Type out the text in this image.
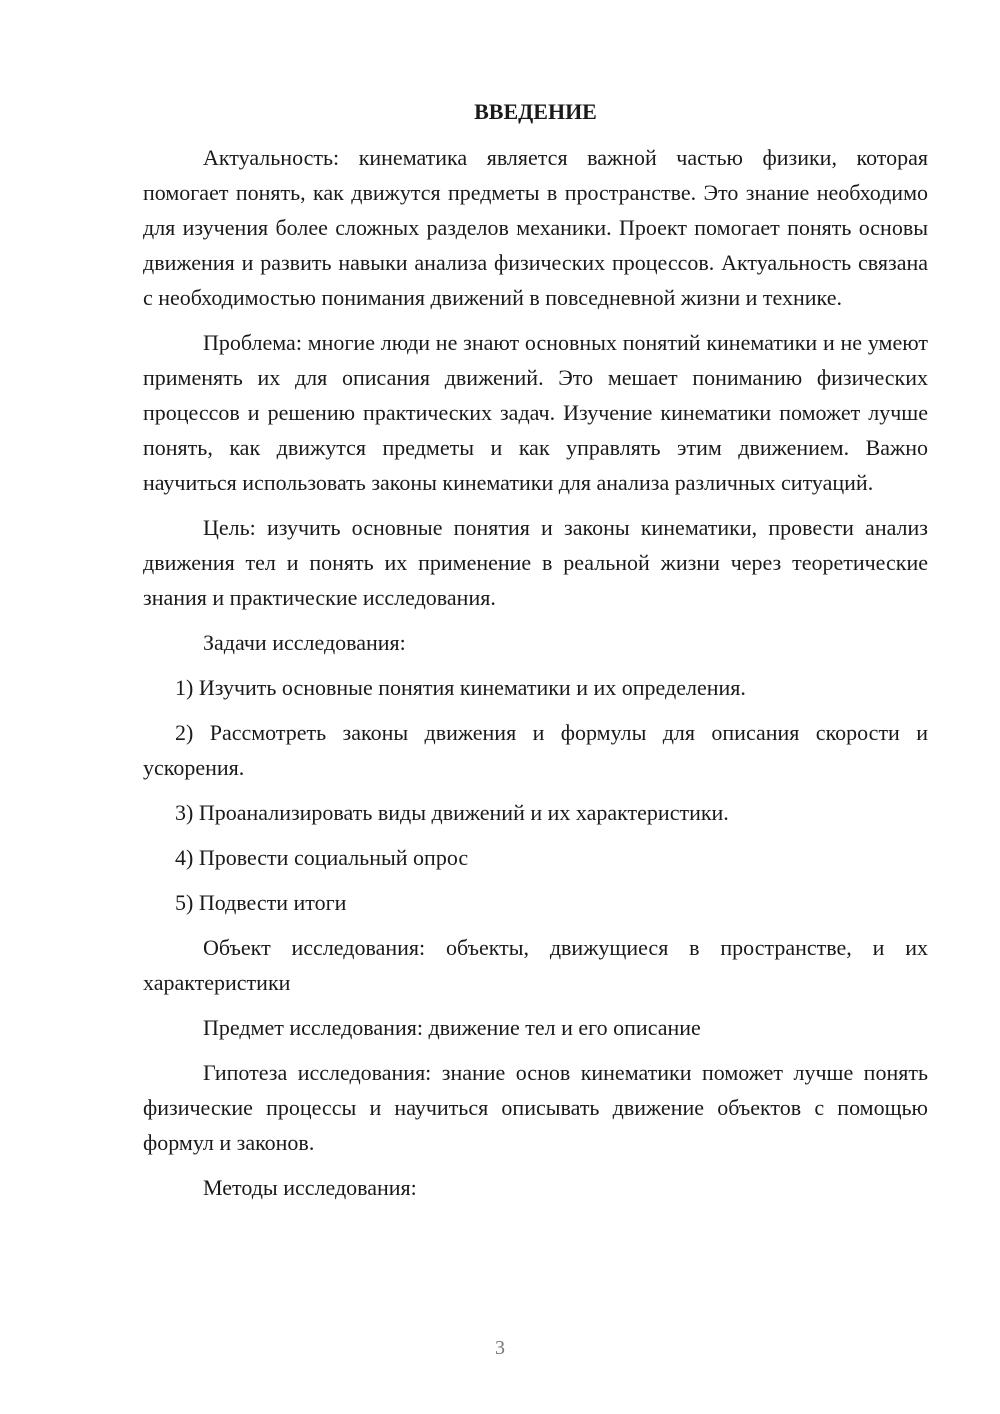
ВВЕДЕНИЕ

Актуальность: кинематика является важной частью физики, которая помогает понять, как движутся предметы в пространстве. Это знание необходимо для изучения более сложных разделов механики. Проект помогает понять основы движения и развить навыки анализа физических процессов. Актуальность связана с необходимостью понимания движений в повседневной жизни и технике.

Проблема: многие люди не знают основных понятий кинематики и не умеют применять их для описания движений. Это мешает пониманию физических процессов и решению практических задач. Изучение кинематики поможет лучше понять, как движутся предметы и как управлять этим движением. Важно научиться использовать законы кинематики для анализа различных ситуаций.

Цель: изучить основные понятия и законы кинематики, провести анализ движения тел и понять их применение в реальной жизни через теоретические знания и практические исследования.

Задачи исследования:

1) Изучить основные понятия кинематики и их определения.

2) Рассмотреть законы движения и формулы для описания скорости и ускорения.

3) Проанализировать виды движений и их характеристики.

4) Провести социальный опрос

5) Подвести итоги

Объект исследования: объекты, движущиеся в пространстве, и их характеристики

Предмет исследования: движение тел и его описание

Гипотеза исследования: знание основ кинематики поможет лучше понять физические процессы и научиться описывать движение объектов с помощью формул и законов.

Методы исследования:

3
